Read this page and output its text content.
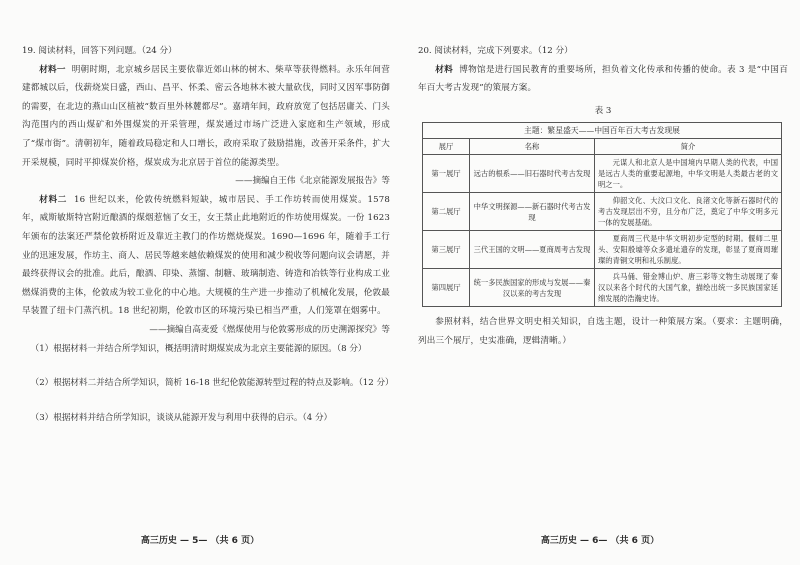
19. 阅读材料，回答下列问题。（24 分）

材料一 明朝时期，北京城乡居民主要依靠近郊山林的树木、柴草等获得燃料。永乐年间营建都城以后，伐薪烧炭日盛，西山、昌平、怀柔、密云各地林木被大量砍伐，同时又因军事防御的需要，在北边的燕山山区植被“数百里外林麓都尽”。嘉靖年间，政府放宽了包括居庸关、门头沟范围内的西山煤矿和外围煤炭的开采管理，煤炭通过市场广泛进入家庭和生产领域，形成了“煤市街”。清朝初年，随着政局稳定和人口增长，政府采取了鼓励措施，改善开采条件，扩大开采规模，同时平抑煤炭价格，煤炭成为北京居于首位的能源类型。

——摘编自王伟《北京能源发展报告》等

材料二 16 世纪以来，伦敦传统燃料短缺，城市居民、手工作坊转而使用煤炭。1578 年，威斯敏斯特宫附近酿酒的煤烟惹恼了女王，女王禁止此地附近的作坊使用煤炭。一份 1623 年颁布的法案还严禁伦敦桥附近及靠近主教门的作坊燃烧煤炭。1690—1696 年，随着手工行业的迅速发展，作坊主、商人、居民等越来越依赖煤炭的使用和减少税收等问题向议会请愿，并最终获得议会的批准。此后，酿酒、印染、蒸馏、制糖、玻璃制造、铸造和冶铁等行业构成工业燃煤消费的主体，伦敦成为较工业化的中心地。大规模的生产进一步推动了机械化发展，伦敦最早装置了纽卡门蒸汽机。18 世纪初期，伦敦市区的环境污染已相当严重，人们笼罩在烟雾中。

——摘编自高麦爱《燃煤使用与伦敦雾形成的历史溯源探究》等

（1）根据材料一并结合所学知识，概括明清时期煤炭成为北京主要能源的原因。（8 分）

（2）根据材料二并结合所学知识，简析 16-18 世纪伦敦能源转型过程的特点及影响。（12 分）

（3）根据材料并结合所学知识，谈谈从能源开发与利用中获得的启示。（4 分）

高三历史 — 5— （共 6 页）

20. 阅读材料，完成下列要求。（12 分）

材料 博物馆是进行国民教育的重要场所，担负着文化传承和传播的使命。表 3 是“中国百年百大考古发现”的策展方案。

表 3
主题：繁星盛天——中国百年百大考古发现展		
展厅	名称	简介
第一展厅	远古的根系——旧石器时代考古发现	元谋人和北京人是中国境内早期人类的代表，中国是远古人类的重要起源地，中华文明是人类最古老的文明之一。
第二展厅	中华文明探源——新石器时代考古发现	仰韶文化、大汶口文化、良渚文化等新石器时代的考古发现层出不穷，且分布广泛，奠定了中华文明多元一体的发展基础。
第三展厅	三代王国的文明——夏商周考古发现	夏商周三代是中华文明初步定型的时期。偃师二里头、安阳殷墟等众多遗址遗存的发现，彰显了夏商周璀璨的青铜文明和礼乐制度。
第四展厅	统一多民族国家的形成与发展——秦汉以来的考古发现	兵马俑、错金博山炉、唐三彩等文物生动展现了秦汉以来各个时代的大国气象，描绘出统一多民族国家延绵发展的浩瀚史诗。

参照材料，结合世界文明史相关知识，自选主题，设计一种策展方案。（要求：主题明确，列出三个展厅，史实准确，逻辑清晰。）

高三历史 — 6— （共 6 页）
